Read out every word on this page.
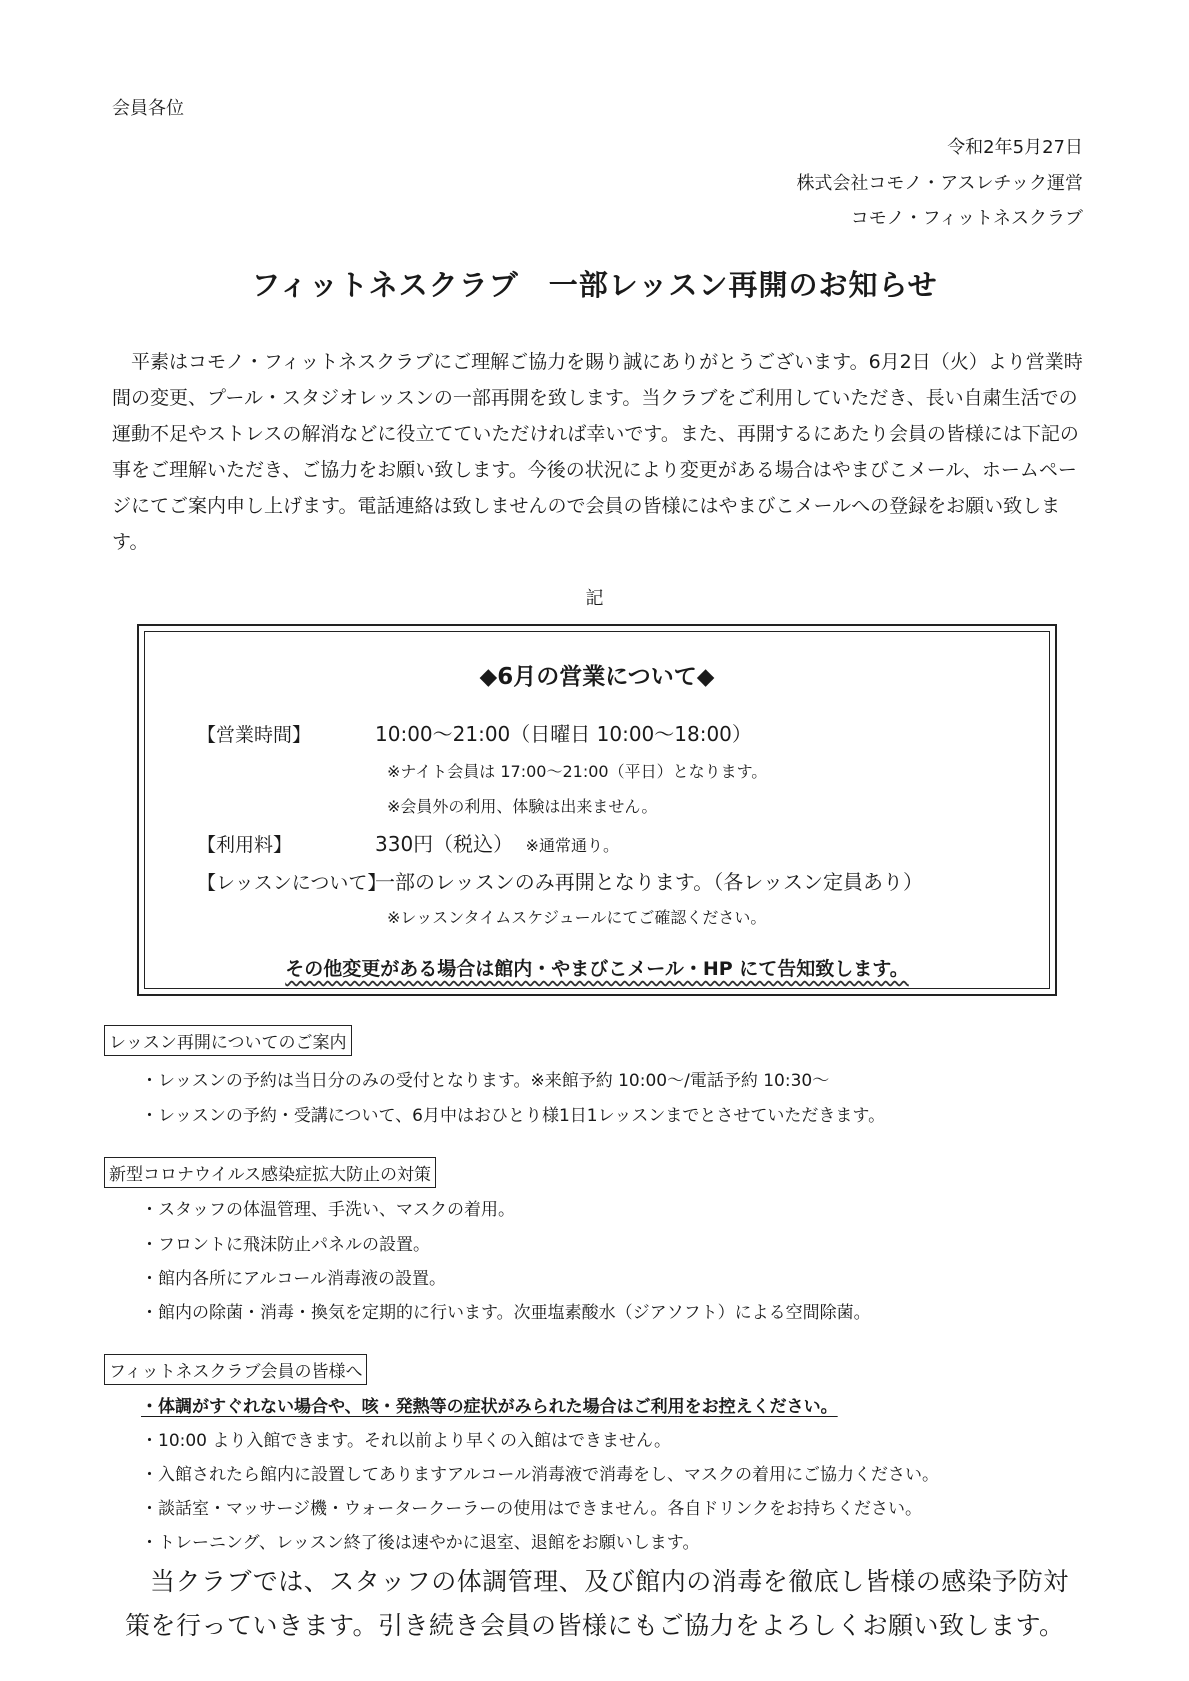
会員各位
令和2年5月27日
株式会社コモノ・アスレチック運営
コモノ・フィットネスクラブ
フィットネスクラブ　一部レッスン再開のお知らせ

平素はコモノ・フィットネスクラブにご理解ご協力を賜り誠にありがとうございます。6月2日（火）より営業時間の変更、プール・スタジオレッスンの一部再開を致します。当クラブをご利用していただき、長い自粛生活での運動不足やストレスの解消などに役立てていただければ幸いです。また、再開するにあたり会員の皆様には下記の事をご理解いただき、ご協力をお願い致します。今後の状況により変更がある場合はやまびこメール、ホームページにてご案内申し上げます。電話連絡は致しませんので会員の皆様にはやまびこメールへの登録をお願い致します。

記
◆6月の営業について◆
【営業時間】	10:00～21:00（日曜日 10:00～18:00）
※ナイト会員は 17:00～21:00（平日）となります。
※会員外の利用、体験は出来ません。
【利用料】	330円（税込） ※通常通り。
【レッスンについて】
一部のレッスンのみ再開となります。（各レッスン定員あり）
※レッスンタイムスケジュールにてご確認ください。
その他変更がある場合は館内・やまびこメール・HP にて告知致します。
レッスン再開についてのご案内
・レッスンの予約は当日分のみの受付となります。※来館予約 10:00～/電話予約 10:30～
・レッスンの予約・受講について、6月中はおひとり様1日1レッスンまでとさせていただきます。
新型コロナウイルス感染症拡大防止の対策
・スタッフの体温管理、手洗い、マスクの着用。
・フロントに飛沫防止パネルの設置。
・館内各所にアルコール消毒液の設置。
・館内の除菌・消毒・換気を定期的に行います。次亜塩素酸水（ジアソフト）による空間除菌。
フィットネスクラブ会員の皆様へ
・体調がすぐれない場合や、咳・発熱等の症状がみられた場合はご利用をお控えください。
・10:00 より入館できます。それ以前より早くの入館はできません。
・入館されたら館内に設置してありますアルコール消毒液で消毒をし、マスクの着用にご協力ください。
・談話室・マッサージ機・ウォータークーラーの使用はできません。各自ドリンクをお持ちください。
・トレーニング、レッスン終了後は速やかに退室、退館をお願いします。

当クラブでは、スタッフの体調管理、及び館内の消毒を徹底し皆様の感染予防対策を行っていきます。引き続き会員の皆様にもご協力をよろしくお願い致します。
